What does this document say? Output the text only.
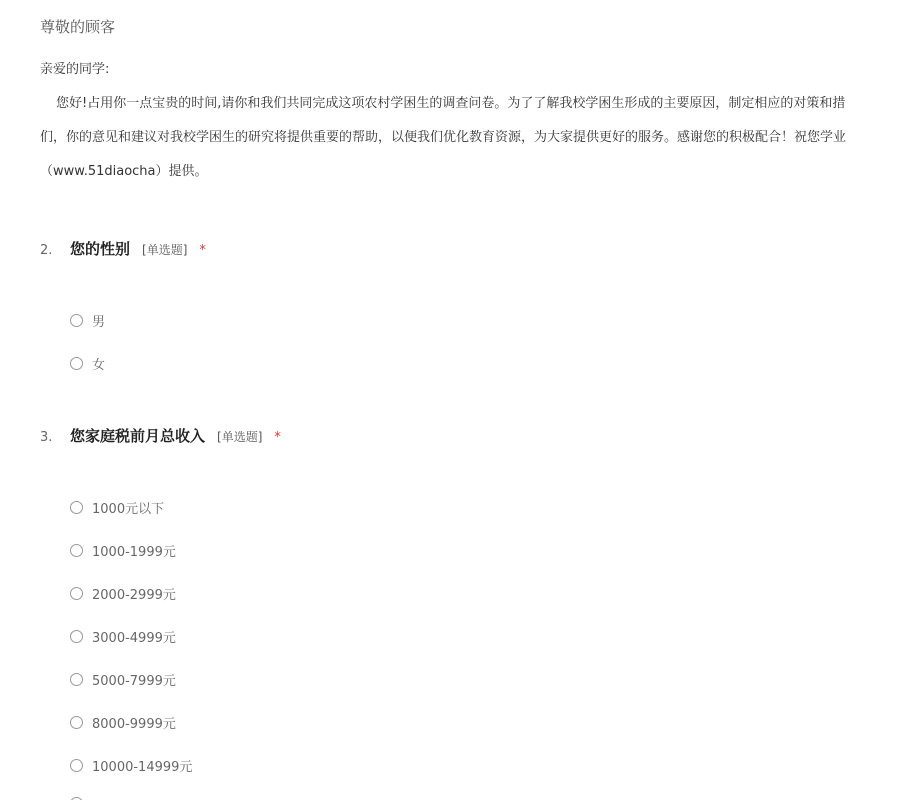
尊敬的顾客
亲爱的同学:
您好!占用你一点宝贵的时间,请你和我们共同完成这项农村学困生的调查问卷。为了了解我校学困生形成的主要原因，制定相应的对策和措
们，你的意见和建议对我校学困生的研究将提供重要的帮助，以便我们优化教育资源，为大家提供更好的服务。感谢您的积极配合！祝您学业
（www.51diaocha）提供。
2. 您的性别 [单选题] *
男
女
3. 您家庭税前月总收入 [单选题] *
1000元以下
1000-1999元
2000-2999元
3000-4999元
5000-7999元
8000-9999元
10000-14999元
